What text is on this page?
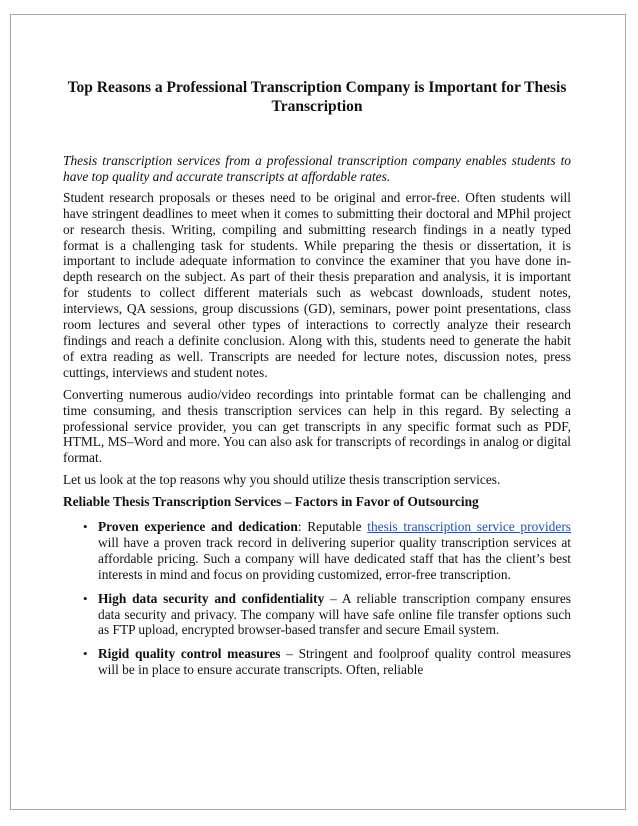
Top Reasons a Professional Transcription Company is Important for Thesis Transcription

Thesis transcription services from a professional transcription company enables students to have top quality and accurate transcripts at affordable rates.

Student research proposals or theses need to be original and error-free. Often students will have stringent deadlines to meet when it comes to submitting their doctoral and MPhil project or research thesis. Writing, compiling and submitting research findings in a neatly typed format is a challenging task for students. While preparing the thesis or dissertation, it is important to include adequate information to convince the examiner that you have done in-depth research on the subject. As part of their thesis preparation and analysis, it is important for students to collect different materials such as webcast downloads, student notes, interviews, QA sessions, group discussions (GD), seminars, power point presentations, class room lectures and several other types of interactions to correctly analyze their research findings and reach a definite conclusion. Along with this, students need to generate the habit of extra reading as well. Transcripts are needed for lecture notes, discussion notes, press cuttings, interviews and student notes.

Converting numerous audio/video recordings into printable format can be challenging and time consuming, and thesis transcription services can help in this regard. By selecting a professional service provider, you can get transcripts in any specific format such as PDF, HTML, MS–Word and more. You can also ask for transcripts of recordings in analog or digital format.

Let us look at the top reasons why you should utilize thesis transcription services.

Reliable Thesis Transcription Services – Factors in Favor of Outsourcing
• Proven experience and dedication: Reputable thesis transcription service providers will have a proven track record in delivering superior quality transcription services at affordable pricing. Such a company will have dedicated staff that has the client’s best interests in mind and focus on providing customized, error-free transcription.
• High data security and confidentiality – A reliable transcription company ensures data security and privacy. The company will have safe online file transfer options such as FTP upload, encrypted browser-based transfer and secure Email system.
• Rigid quality control measures – Stringent and foolproof quality control measures will be in place to ensure accurate transcripts. Often, reliable
